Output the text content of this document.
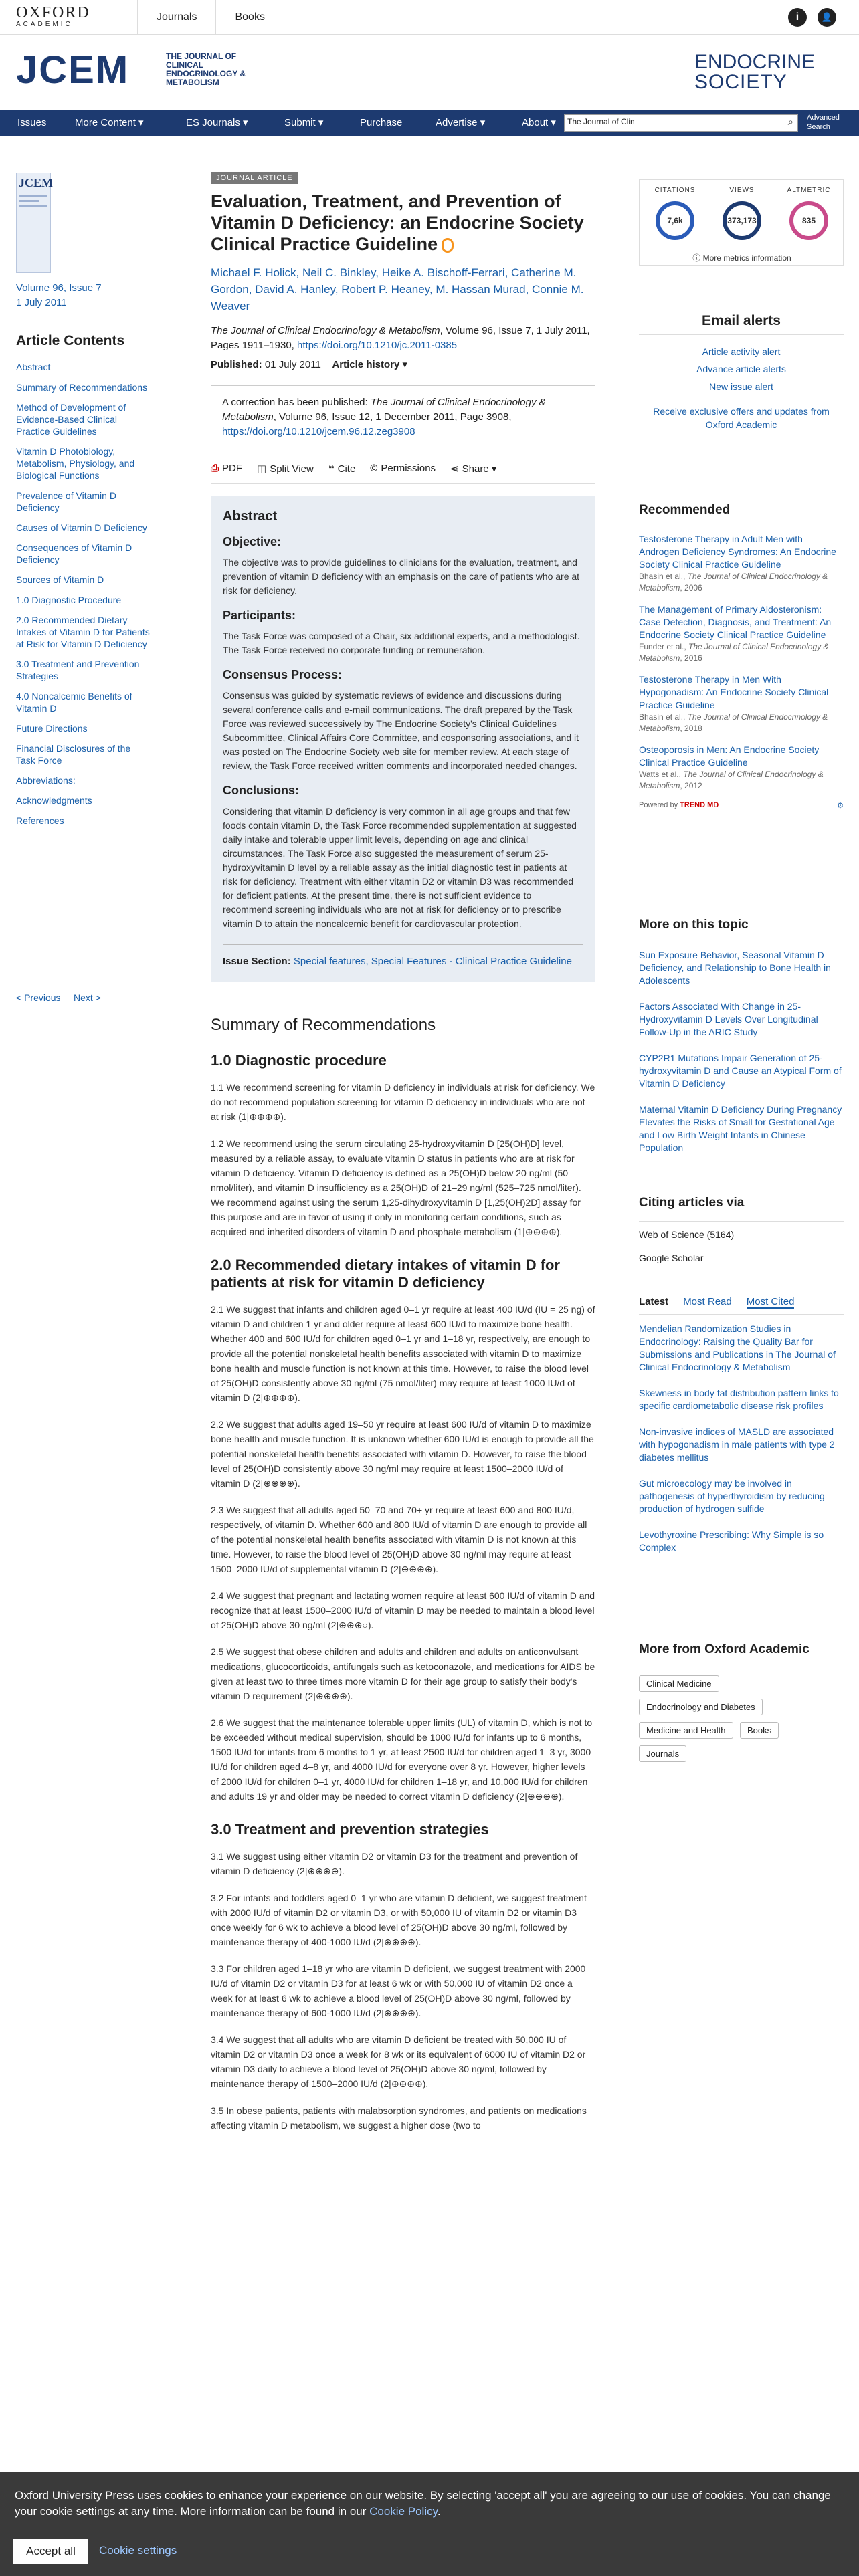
OXFORD
ACADEMIC
Journals	Books	i	👤
JCEM	THE JOURNAL OF CLINICAL ENDOCRINOLOGY & METABOLISM
ENDOCRINE
SOCIETY
Issues	More Content ▾	ES Journals ▾	Submit ▾	Purchase	Advertise ▾	About ▾ The Journal of Clin	⌕ Advanced Search
JCEM
Volume 96, Issue 7
1 July 2011
Article Contents
Abstract
Summary of Recommendations
Method of Development of Evidence-Based Clinical Practice Guidelines
Vitamin D Photobiology, Metabolism, Physiology, and Biological Functions
Prevalence of Vitamin D Deficiency
Causes of Vitamin D Deficiency
Consequences of Vitamin D Deficiency
Sources of Vitamin D
1.0 Diagnostic Procedure
2.0 Recommended Dietary Intakes of Vitamin D for Patients at Risk for Vitamin D Deficiency
3.0 Treatment and Prevention Strategies
4.0 Noncalcemic Benefits of Vitamin D
Future Directions
Financial Disclosures of the Task Force
Abbreviations:
Acknowledgments
References
< Previous Next >
JOURNAL ARTICLE
Evaluation, Treatment, and Prevention of Vitamin D Deficiency: an Endocrine Society Clinical Practice Guideline
Michael F. Holick, Neil C. Binkley, Heike A. Bischoff-Ferrari, Catherine M. Gordon, David A. Hanley, Robert P. Heaney, M. Hassan Murad, Connie M. Weaver
The Journal of Clinical Endocrinology & Metabolism, Volume 96, Issue 7, 1 July 2011, Pages 1911–1930, https://doi.org/10.1210/jc.2011-0385
Published: 01 July 2011 Article history ▾
A correction has been published: The Journal of Clinical Endocrinology & Metabolism, Volume 96, Issue 12, 1 December 2011, Page 3908, https://doi.org/10.1210/jcem.96.12.zeg3908
⎙ PDF ◫ Split View ❝ Cite © Permissions ⋖ Share ▾
Abstract
Objective:

The objective was to provide guidelines to clinicians for the evaluation, treatment, and prevention of vitamin D deficiency with an emphasis on the care of patients who are at risk for deficiency.

Participants:

The Task Force was composed of a Chair, six additional experts, and a methodologist. The Task Force received no corporate funding or remuneration.

Consensus Process:

Consensus was guided by systematic reviews of evidence and discussions during several conference calls and e-mail communications. The draft prepared by the Task Force was reviewed successively by The Endocrine Society's Clinical Guidelines Subcommittee, Clinical Affairs Core Committee, and cosponsoring associations, and it was posted on The Endocrine Society web site for member review. At each stage of review, the Task Force received written comments and incorporated needed changes.

Conclusions:

Considering that vitamin D deficiency is very common in all age groups and that few foods contain vitamin D, the Task Force recommended supplementation at suggested daily intake and tolerable upper limit levels, depending on age and clinical circumstances. The Task Force also suggested the measurement of serum 25-hydroxyvitamin D level by a reliable assay as the initial diagnostic test in patients at risk for deficiency. Treatment with either vitamin D2 or vitamin D3 was recommended for deficient patients. At the present time, there is not sufficient evidence to recommend screening individuals who are not at risk for deficiency or to prescribe vitamin D to attain the noncalcemic benefit for cardiovascular protection.

Issue Section: Special features, Special Features - Clinical Practice Guideline
Summary of Recommendations
1.0 Diagnostic procedure

1.1 We recommend screening for vitamin D deficiency in individuals at risk for deficiency. We do not recommend population screening for vitamin D deficiency in individuals who are not at risk (1|⊕⊕⊕⊕).

1.2 We recommend using the serum circulating 25-hydroxyvitamin D [25(OH)D] level, measured by a reliable assay, to evaluate vitamin D status in patients who are at risk for vitamin D deficiency. Vitamin D deficiency is defined as a 25(OH)D below 20 ng/ml (50 nmol/liter), and vitamin D insufficiency as a 25(OH)D of 21–29 ng/ml (525–725 nmol/liter). We recommend against using the serum 1,25-dihydroxyvitamin D [1,25(OH)2D] assay for this purpose and are in favor of using it only in monitoring certain conditions, such as acquired and inherited disorders of vitamin D and phosphate metabolism (1|⊕⊕⊕⊕).

2.0 Recommended dietary intakes of vitamin D for patients at risk for vitamin D deficiency

2.1 We suggest that infants and children aged 0–1 yr require at least 400 IU/d (IU = 25 ng) of vitamin D and children 1 yr and older require at least 600 IU/d to maximize bone health. Whether 400 and 600 IU/d for children aged 0–1 yr and 1–18 yr, respectively, are enough to provide all the potential nonskeletal health benefits associated with vitamin D to maximize bone health and muscle function is not known at this time. However, to raise the blood level of 25(OH)D consistently above 30 ng/ml (75 nmol/liter) may require at least 1000 IU/d of vitamin D (2|⊕⊕⊕⊕).

2.2 We suggest that adults aged 19–50 yr require at least 600 IU/d of vitamin D to maximize bone health and muscle function. It is unknown whether 600 IU/d is enough to provide all the potential nonskeletal health benefits associated with vitamin D. However, to raise the blood level of 25(OH)D consistently above 30 ng/ml may require at least 1500–2000 IU/d of vitamin D (2|⊕⊕⊕⊕).

2.3 We suggest that all adults aged 50–70 and 70+ yr require at least 600 and 800 IU/d, respectively, of vitamin D. Whether 600 and 800 IU/d of vitamin D are enough to provide all of the potential nonskeletal health benefits associated with vitamin D is not known at this time. However, to raise the blood level of 25(OH)D above 30 ng/ml may require at least 1500–2000 IU/d of supplemental vitamin D (2|⊕⊕⊕⊕).

2.4 We suggest that pregnant and lactating women require at least 600 IU/d of vitamin D and recognize that at least 1500–2000 IU/d of vitamin D may be needed to maintain a blood level of 25(OH)D above 30 ng/ml (2|⊕⊕⊕○).

2.5 We suggest that obese children and adults and children and adults on anticonvulsant medications, glucocorticoids, antifungals such as ketoconazole, and medications for AIDS be given at least two to three times more vitamin D for their age group to satisfy their body's vitamin D requirement (2|⊕⊕⊕⊕).

2.6 We suggest that the maintenance tolerable upper limits (UL) of vitamin D, which is not to be exceeded without medical supervision, should be 1000 IU/d for infants up to 6 months, 1500 IU/d for infants from 6 months to 1 yr, at least 2500 IU/d for children aged 1–3 yr, 3000 IU/d for children aged 4–8 yr, and 4000 IU/d for everyone over 8 yr. However, higher levels of 2000 IU/d for children 0–1 yr, 4000 IU/d for children 1–18 yr, and 10,000 IU/d for children and adults 19 yr and older may be needed to correct vitamin D deficiency (2|⊕⊕⊕⊕).

3.0 Treatment and prevention strategies

3.1 We suggest using either vitamin D2 or vitamin D3 for the treatment and prevention of vitamin D deficiency (2|⊕⊕⊕⊕).

3.2 For infants and toddlers aged 0–1 yr who are vitamin D deficient, we suggest treatment with 2000 IU/d of vitamin D2 or vitamin D3, or with 50,000 IU of vitamin D2 or vitamin D3 once weekly for 6 wk to achieve a blood level of 25(OH)D above 30 ng/ml, followed by maintenance therapy of 400-1000 IU/d (2|⊕⊕⊕⊕).

3.3 For children aged 1–18 yr who are vitamin D deficient, we suggest treatment with 2000 IU/d of vitamin D2 or vitamin D3 for at least 6 wk or with 50,000 IU of vitamin D2 once a week for at least 6 wk to achieve a blood level of 25(OH)D above 30 ng/ml, followed by maintenance therapy of 600-1000 IU/d (2|⊕⊕⊕⊕).

3.4 We suggest that all adults who are vitamin D deficient be treated with 50,000 IU of vitamin D2 or vitamin D3 once a week for 8 wk or its equivalent of 6000 IU of vitamin D2 or vitamin D3 daily to achieve a blood level of 25(OH)D above 30 ng/ml, followed by maintenance therapy of 1500–2000 IU/d (2|⊕⊕⊕⊕).

3.5 In obese patients, patients with malabsorption syndromes, and patients on medications affecting vitamin D metabolism, we suggest a higher dose (two to

CITATIONS
7,6k
VIEWS
373,173
ALTMETRIC
835
ⓘ More metrics information
Email alerts
Article activity alert
Advance article alerts
New issue alert
Receive exclusive offers and updates from Oxford Academic
Recommended
Testosterone Therapy in Adult Men with Androgen Deficiency Syndromes: An Endocrine Society Clinical Practice Guideline
Bhasin et al., The Journal of Clinical Endocrinology & Metabolism, 2006
The Management of Primary Aldosteronism: Case Detection, Diagnosis, and Treatment: An Endocrine Society Clinical Practice Guideline
Funder et al., The Journal of Clinical Endocrinology & Metabolism, 2016
Testosterone Therapy in Men With Hypogonadism: An Endocrine Society Clinical Practice Guideline
Bhasin et al., The Journal of Clinical Endocrinology & Metabolism, 2018
Osteoporosis in Men: An Endocrine Society Clinical Practice Guideline
Watts et al., The Journal of Clinical Endocrinology & Metabolism, 2012
Powered by TREND MD	⚙
More on this topic
Sun Exposure Behavior, Seasonal Vitamin D Deficiency, and Relationship to Bone Health in Adolescents
Factors Associated With Change in 25-Hydroxyvitamin D Levels Over Longitudinal Follow-Up in the ARIC Study
CYP2R1 Mutations Impair Generation of 25-hydroxyvitamin D and Cause an Atypical Form of Vitamin D Deficiency
Maternal Vitamin D Deficiency During Pregnancy Elevates the Risks of Small for Gestational Age and Low Birth Weight Infants in Chinese Population
Citing articles via
Web of Science (5164)
Google Scholar
Latest Most Read Most Cited
Mendelian Randomization Studies in Endocrinology: Raising the Quality Bar for Submissions and Publications in The Journal of Clinical Endocrinology & Metabolism
Skewness in body fat distribution pattern links to specific cardiometabolic disease risk profiles
Non-invasive indices of MASLD are associated with hypogonadism in male patients with type 2 diabetes mellitus
Gut microecology may be involved in pathogenesis of hyperthyroidism by reducing production of hydrogen sulfide
Levothyroxine Prescribing: Why Simple is so Complex
More from Oxford Academic
Clinical Medicine Endocrinology and Diabetes
Medicine and Health Books
Journals

Oxford University Press uses cookies to enhance your experience on our website. By selecting 'accept all' you are agreeing to our use of cookies. You can change your cookie settings at any time. More information can be found in our Cookie Policy.

Accept all	Cookie settings
